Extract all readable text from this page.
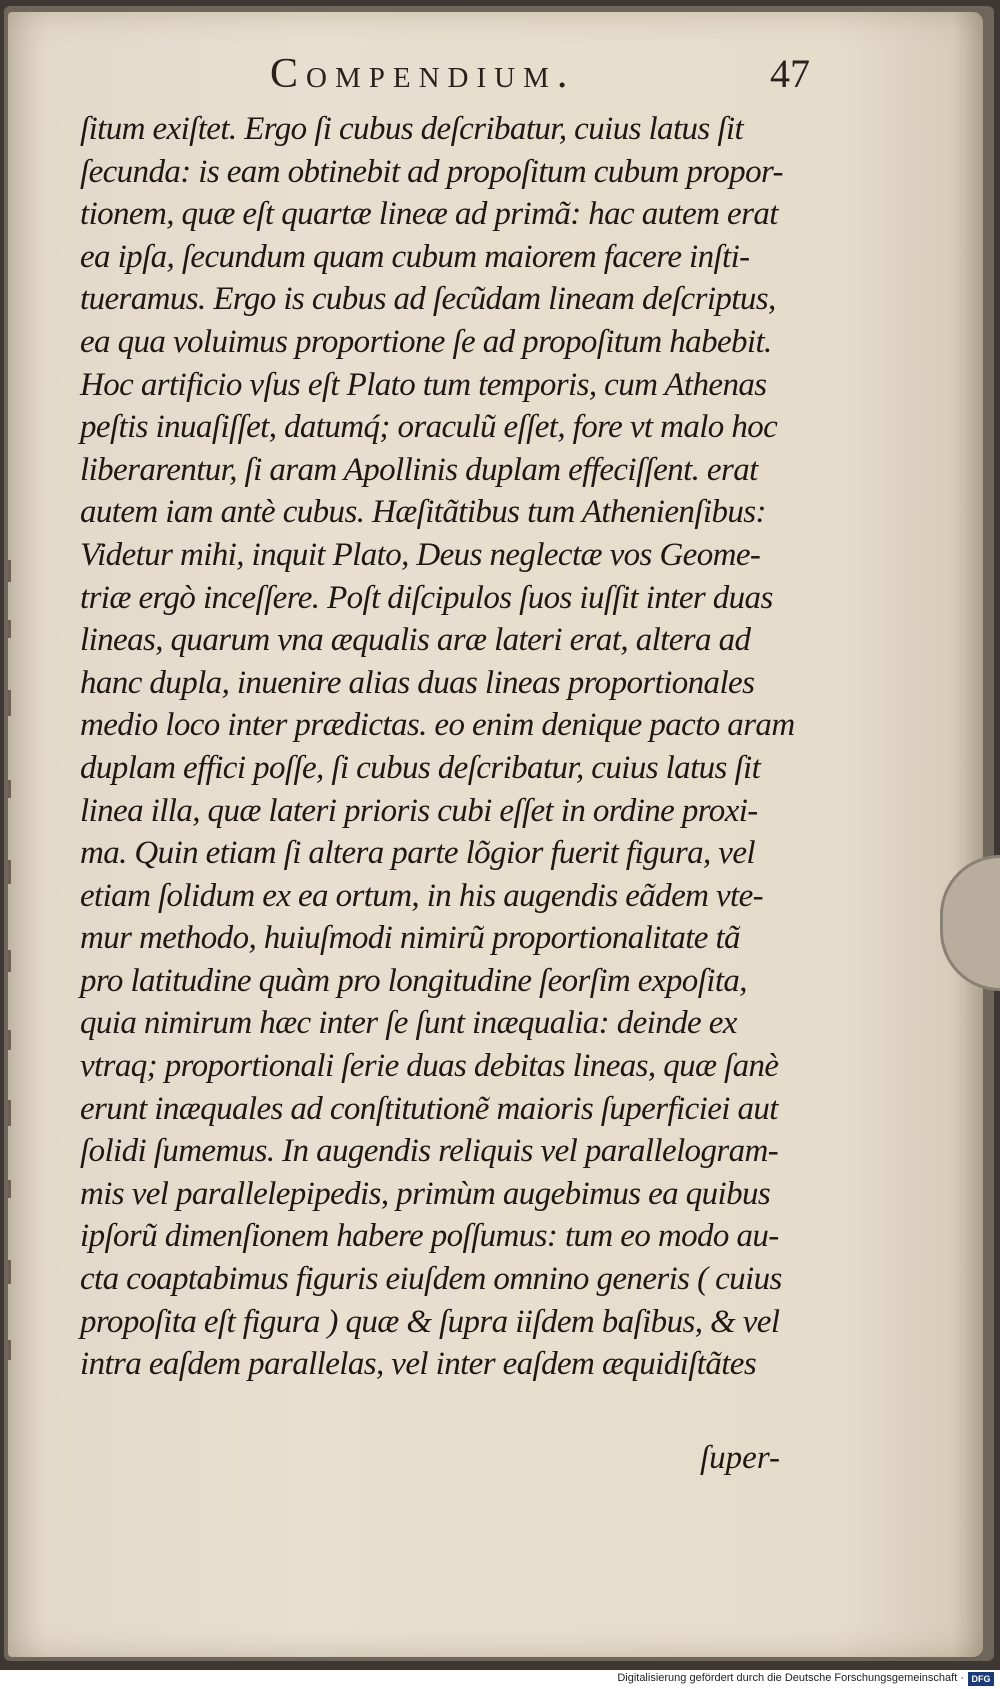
Compendium.	47
ſitum exiſtet. Ergo ſi cubus deſcribatur, cuius latus ſit
ſecunda: is eam obtinebit ad propoſitum cubum propor-
tionem, quæ eſt quartæ lineæ ad primã: hac autem erat
ea ipſa, ſecundum quam cubum maiorem facere inſti-
tueramus. Ergo is cubus ad ſecũdam lineam deſcriptus,
ea qua voluimus proportione ſe ad propoſitum habebit.
Hoc artificio vſus eſt Plato tum temporis, cum Athenas
peſtis inuaſiſſet, datumq́; oraculũ eſſet, fore vt malo hoc
liberarentur, ſi aram Apollinis duplam effeciſſent. erat
autem iam antè cubus. Hæſitãtibus tum Athenienſibus:
Videtur mihi, inquit Plato, Deus neglectæ vos Geome-
triæ ergò inceſſere. Poſt diſcipulos ſuos iuſſit inter duas
lineas, quarum vna æqualis aræ lateri erat, altera ad
hanc dupla, inuenire alias duas lineas proportionales
medio loco inter prædictas. eo enim denique pacto aram
duplam effici poſſe, ſi cubus deſcribatur, cuius latus ſit
linea illa, quæ lateri prioris cubi eſſet in ordine proxi-
ma. Quin etiam ſi altera parte lõgior fuerit figura, vel
etiam ſolidum ex ea ortum, in his augendis eãdem vte-
mur methodo, huiuſmodi nimirũ proportionalitate tã
pro latitudine quàm pro longitudine ſeorſim expoſita,
quia nimirum hæc inter ſe ſunt inæqualia: deinde ex
vtraq; proportionali ſerie duas debitas lineas, quæ ſanè
erunt inæquales ad conſtitutionẽ maioris ſuperficiei aut
ſolidi ſumemus. In augendis reliquis vel parallelogram-
mis vel parallelepipedis, primùm augebimus ea quibus
ipſorũ dimenſionem habere poſſumus: tum eo modo au-
cta coaptabimus figuris eiuſdem omnino generis ( cuius
propoſita eſt figura ) quæ & ſupra iiſdem baſibus, & vel
intra eaſdem parallelas, vel inter eaſdem æquidiſtãtes
ſuper-
Digitalisierung gefördert durch die Deutsche Forschungsgemeinschaft · DFG
